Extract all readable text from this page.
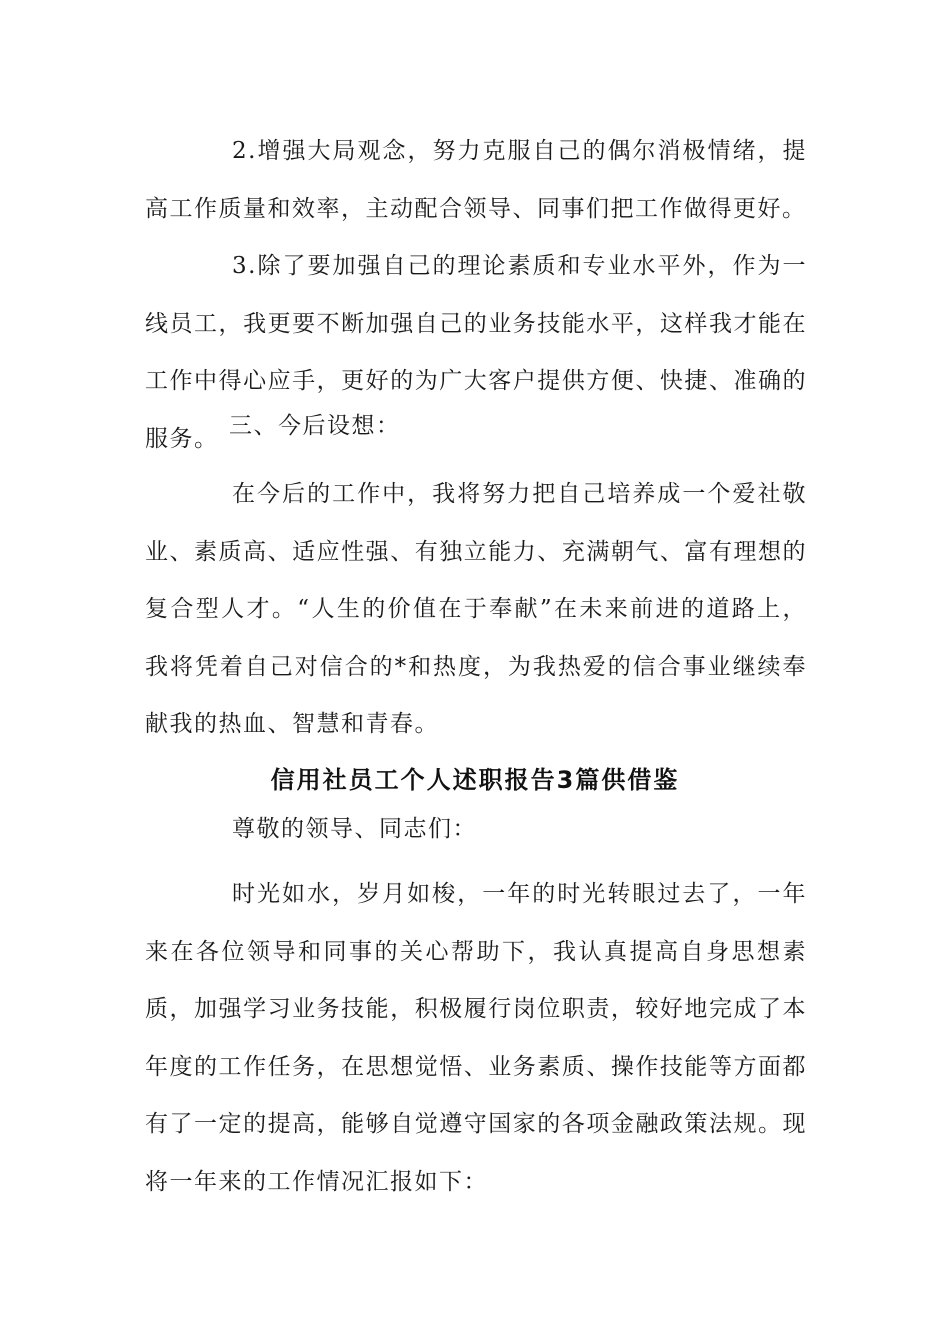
2.增强大局观念，努力克服自己的偶尔消极情绪，提高工作质量和效率，主动配合领导、同事们把工作做得更好。

3.除了要加强自己的理论素质和专业水平外，作为一线员工，我更要不断加强自己的业务技能水平，这样我才能在工作中得心应手，更好的为广大客户提供方便、快捷、准确的服务。 三、今后设想：

在今后的工作中，我将努力把自己培养成一个爱社敬业、素质高、适应性强、有独立能力、充满朝气、富有理想的复合型人才。“人生的价值在于奉献”在未来前进的道路上，我将凭着自己对信合的*和热度，为我热爱的信合事业继续奉献我的热血、智慧和青春。

信用社员工个人述职报告3篇供借鉴

尊敬的领导、同志们：

时光如水，岁月如梭，一年的时光转眼过去了，一年来在各位领导和同事的关心帮助下，我认真提高自身思想素质，加强学习业务技能，积极履行岗位职责，较好地完成了本年度的工作任务，在思想觉悟、业务素质、操作技能等方面都有了一定的提高，能够自觉遵守国家的各项金融政策法规。现将一年来的工作情况汇报如下：
